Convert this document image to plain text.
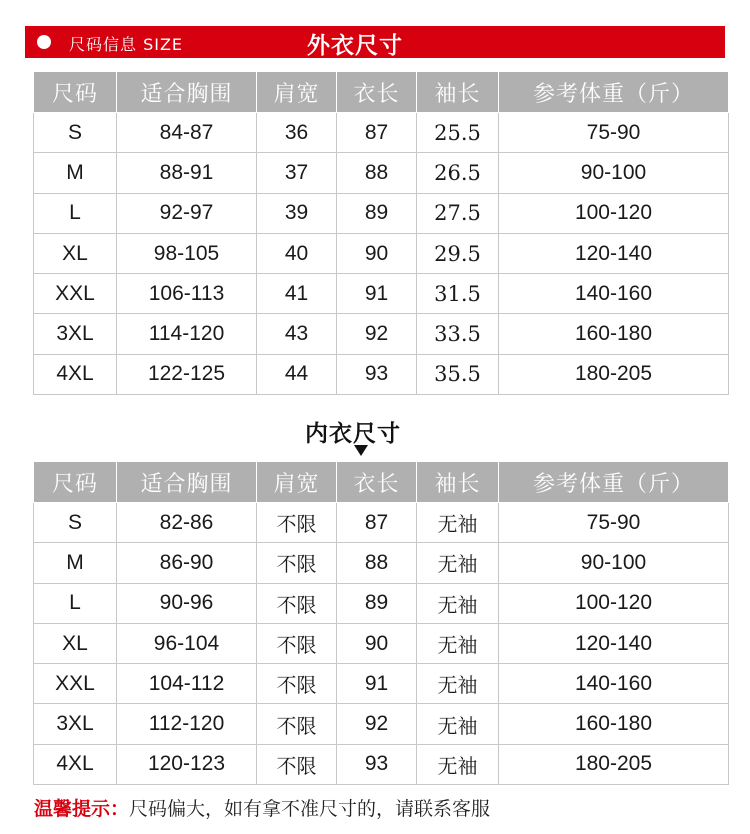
尺码信息 SIZE	外衣尺寸
尺码	适合胸围	肩宽	衣长	袖长	参考体重（斤）
S	84-87	36	87	25.5	75-90
M	88-91	37	88	26.5	90-100
L	92-97	39	89	27.5	100-120
XL	98-105	40	90	29.5	120-140
XXL	106-113	41	91	31.5	140-160
3XL	114-120	43	92	33.5	160-180
4XL	122-125	44	93	35.5	180-205
内衣尺寸
尺码	适合胸围	肩宽	衣长	袖长	参考体重（斤）
S	82-86	不限	87	无袖	75-90
M	86-90	不限	88	无袖	90-100
L	90-96	不限	89	无袖	100-120
XL	96-104	不限	90	无袖	120-140
XXL	104-112	不限	91	无袖	140-160
3XL	112-120	不限	92	无袖	160-180
4XL	120-123	不限	93	无袖	180-205
温馨提示：尺码偏大，如有拿不准尺寸的，请联系客服
